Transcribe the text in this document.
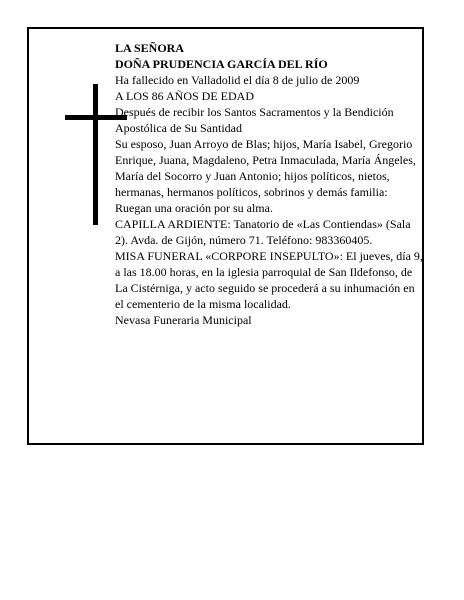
LA SEÑORA

DOÑA PRUDENCIA GARCÍA DEL RÍO

Ha fallecido en Valladolid el día 8 de julio de 2009

A LOS 86 AÑOS DE EDAD

Después de recibir los Santos Sacramentos y la Bendición Apostólica de Su Santidad

Su esposo, Juan Arroyo de Blas; hijos, María Isabel, Gregorio Enrique, Juana, Magdaleno, Petra Inmaculada, María Ángeles, María del Socorro y Juan Antonio; hijos políticos, nietos, hermanas, hermanos políticos, sobrinos y demás familia:

Ruegan una oración por su alma.

CAPILLA ARDIENTE: Tanatorio de «Las Contiendas» (Sala 2). Avda. de Gijón, número 71. Teléfono: 983360405.

MISA FUNERAL «CORPORE INSEPULTO»: El jueves, día 9, a las 18.00 horas, en la iglesia parroquial de San Ildefonso, de La Cistérniga, y acto seguido se procederá a su inhumación en el cementerio de la misma localidad.

Nevasa Funeraria Municipal
